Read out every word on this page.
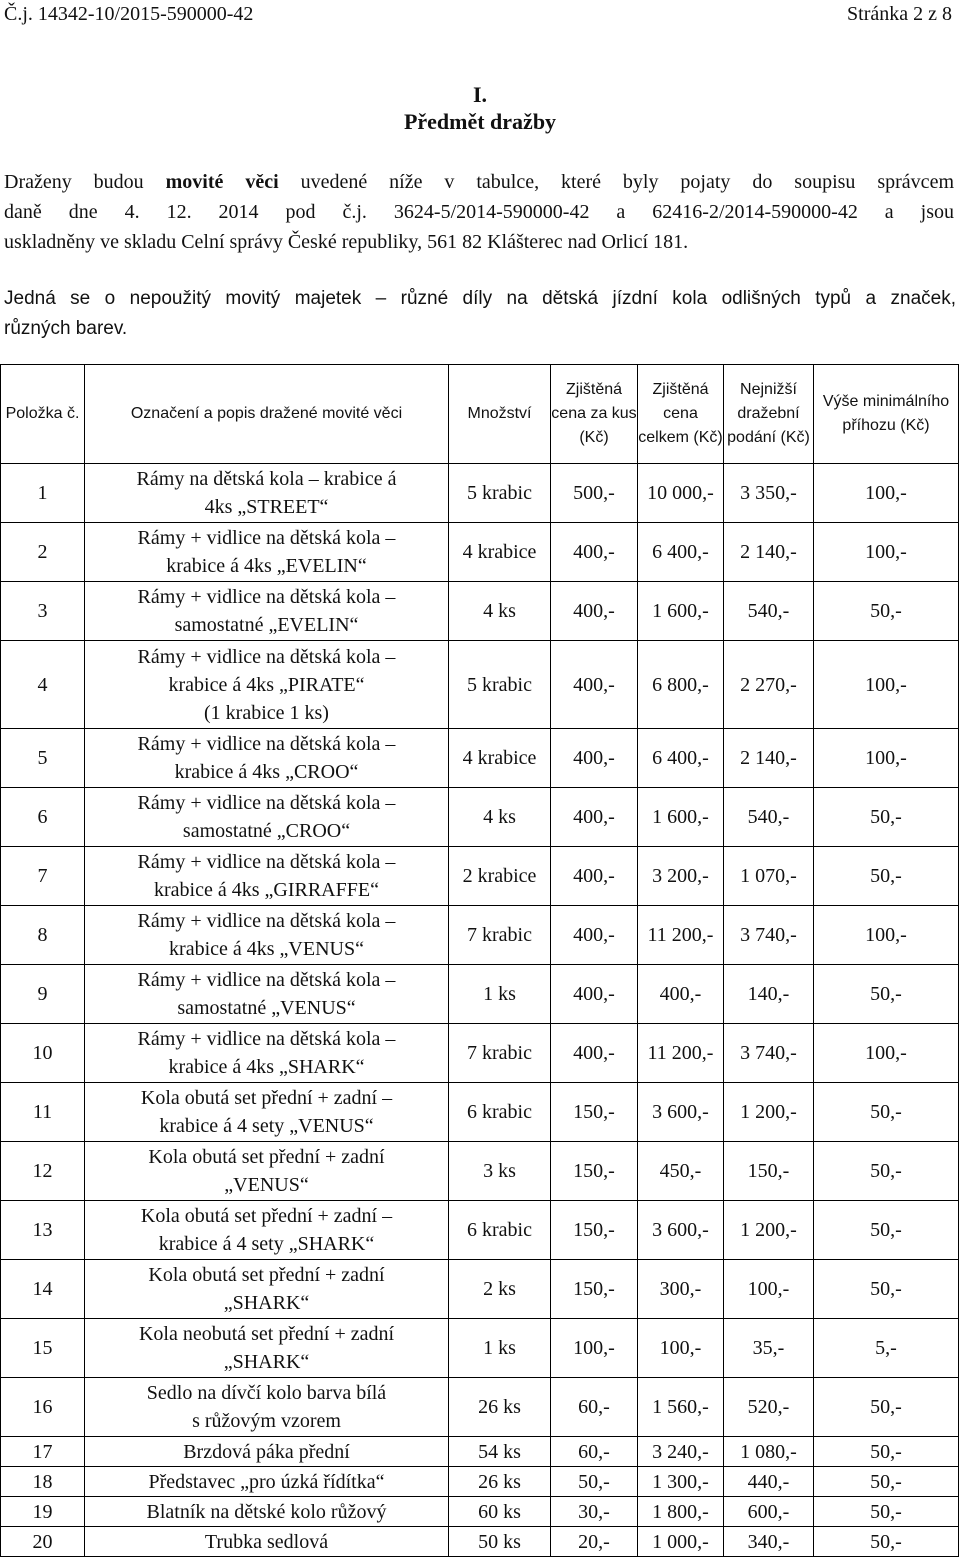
Č.j. 14342-10/2015-590000-42	Stránka 2 z 8
I.
Předmět dražby
Draženy budou movité věci uvedené níže v tabulce, které byly pojaty do soupisu správcem
daně dne 4. 12. 2014 pod č.j. 3624-5/2014-590000-42 a 62416-2/2014-590000-42 a jsou
uskladněny ve skladu Celní správy České republiky, 561 82 Klášterec nad Orlicí 181.
Jedná se o nepoužitý movitý majetek – různé díly na dětská jízdní kola odlišných typů a značek,
různých barev.
Položka č.	Označení a popis dražené movité věci	Množství	Zjištěná cena za kus (Kč)	Zjištěná cena celkem (Kč)	Nejnižší dražební podání (Kč)	Výše minimálního příhozu (Kč)
1	Rámy na dětská kola – krabice á
4ks „STREET“	5 krabic	500,-	10 000,-	3 350,-	100,-
2	Rámy + vidlice na dětská kola –
krabice á 4ks „EVELIN“	4 krabice	400,-	6 400,-	2 140,-	100,-
3	Rámy + vidlice na dětská kola –
samostatné „EVELIN“	4 ks	400,-	1 600,-	540,-	50,-
4	Rámy + vidlice na dětská kola –
krabice á 4ks „PIRATE“
(1 krabice 1 ks)	5 krabic	400,-	6 800,-	2 270,-	100,-
5	Rámy + vidlice na dětská kola –
krabice á 4ks „CROO“	4 krabice	400,-	6 400,-	2 140,-	100,-
6	Rámy + vidlice na dětská kola –
samostatné „CROO“	4 ks	400,-	1 600,-	540,-	50,-
7	Rámy + vidlice na dětská kola –
krabice á 4ks „GIRRAFFE“	2 krabice	400,-	3 200,-	1 070,-	50,-
8	Rámy + vidlice na dětská kola –
krabice á 4ks „VENUS“	7 krabic	400,-	11 200,-	3 740,-	100,-
9	Rámy + vidlice na dětská kola –
samostatné „VENUS“	1 ks	400,-	400,-	140,-	50,-
10	Rámy + vidlice na dětská kola –
krabice á 4ks „SHARK“	7 krabic	400,-	11 200,-	3 740,-	100,-
11	Kola obutá set přední + zadní –
krabice á 4 sety „VENUS“	6 krabic	150,-	3 600,-	1 200,-	50,-
12	Kola obutá set přední + zadní
„VENUS“	3 ks	150,-	450,-	150,-	50,-
13	Kola obutá set přední + zadní –
krabice á 4 sety „SHARK“	6 krabic	150,-	3 600,-	1 200,-	50,-
14	Kola obutá set přední + zadní
„SHARK“	2 ks	150,-	300,-	100,-	50,-
15	Kola neobutá set přední + zadní
„SHARK“	1 ks	100,-	100,-	35,-	5,-
16	Sedlo na dívčí kolo barva bílá
s růžovým vzorem	26 ks	60,-	1 560,-	520,-	50,-
17	Brzdová páka přední	54 ks	60,-	3 240,-	1 080,-	50,-
18	Představec „pro úzká řídítka“	26 ks	50,-	1 300,-	440,-	50,-
19	Blatník na dětské kolo růžový	60 ks	30,-	1 800,-	600,-	50,-
20	Trubka sedlová	50 ks	20,-	1 000,-	340,-	50,-
